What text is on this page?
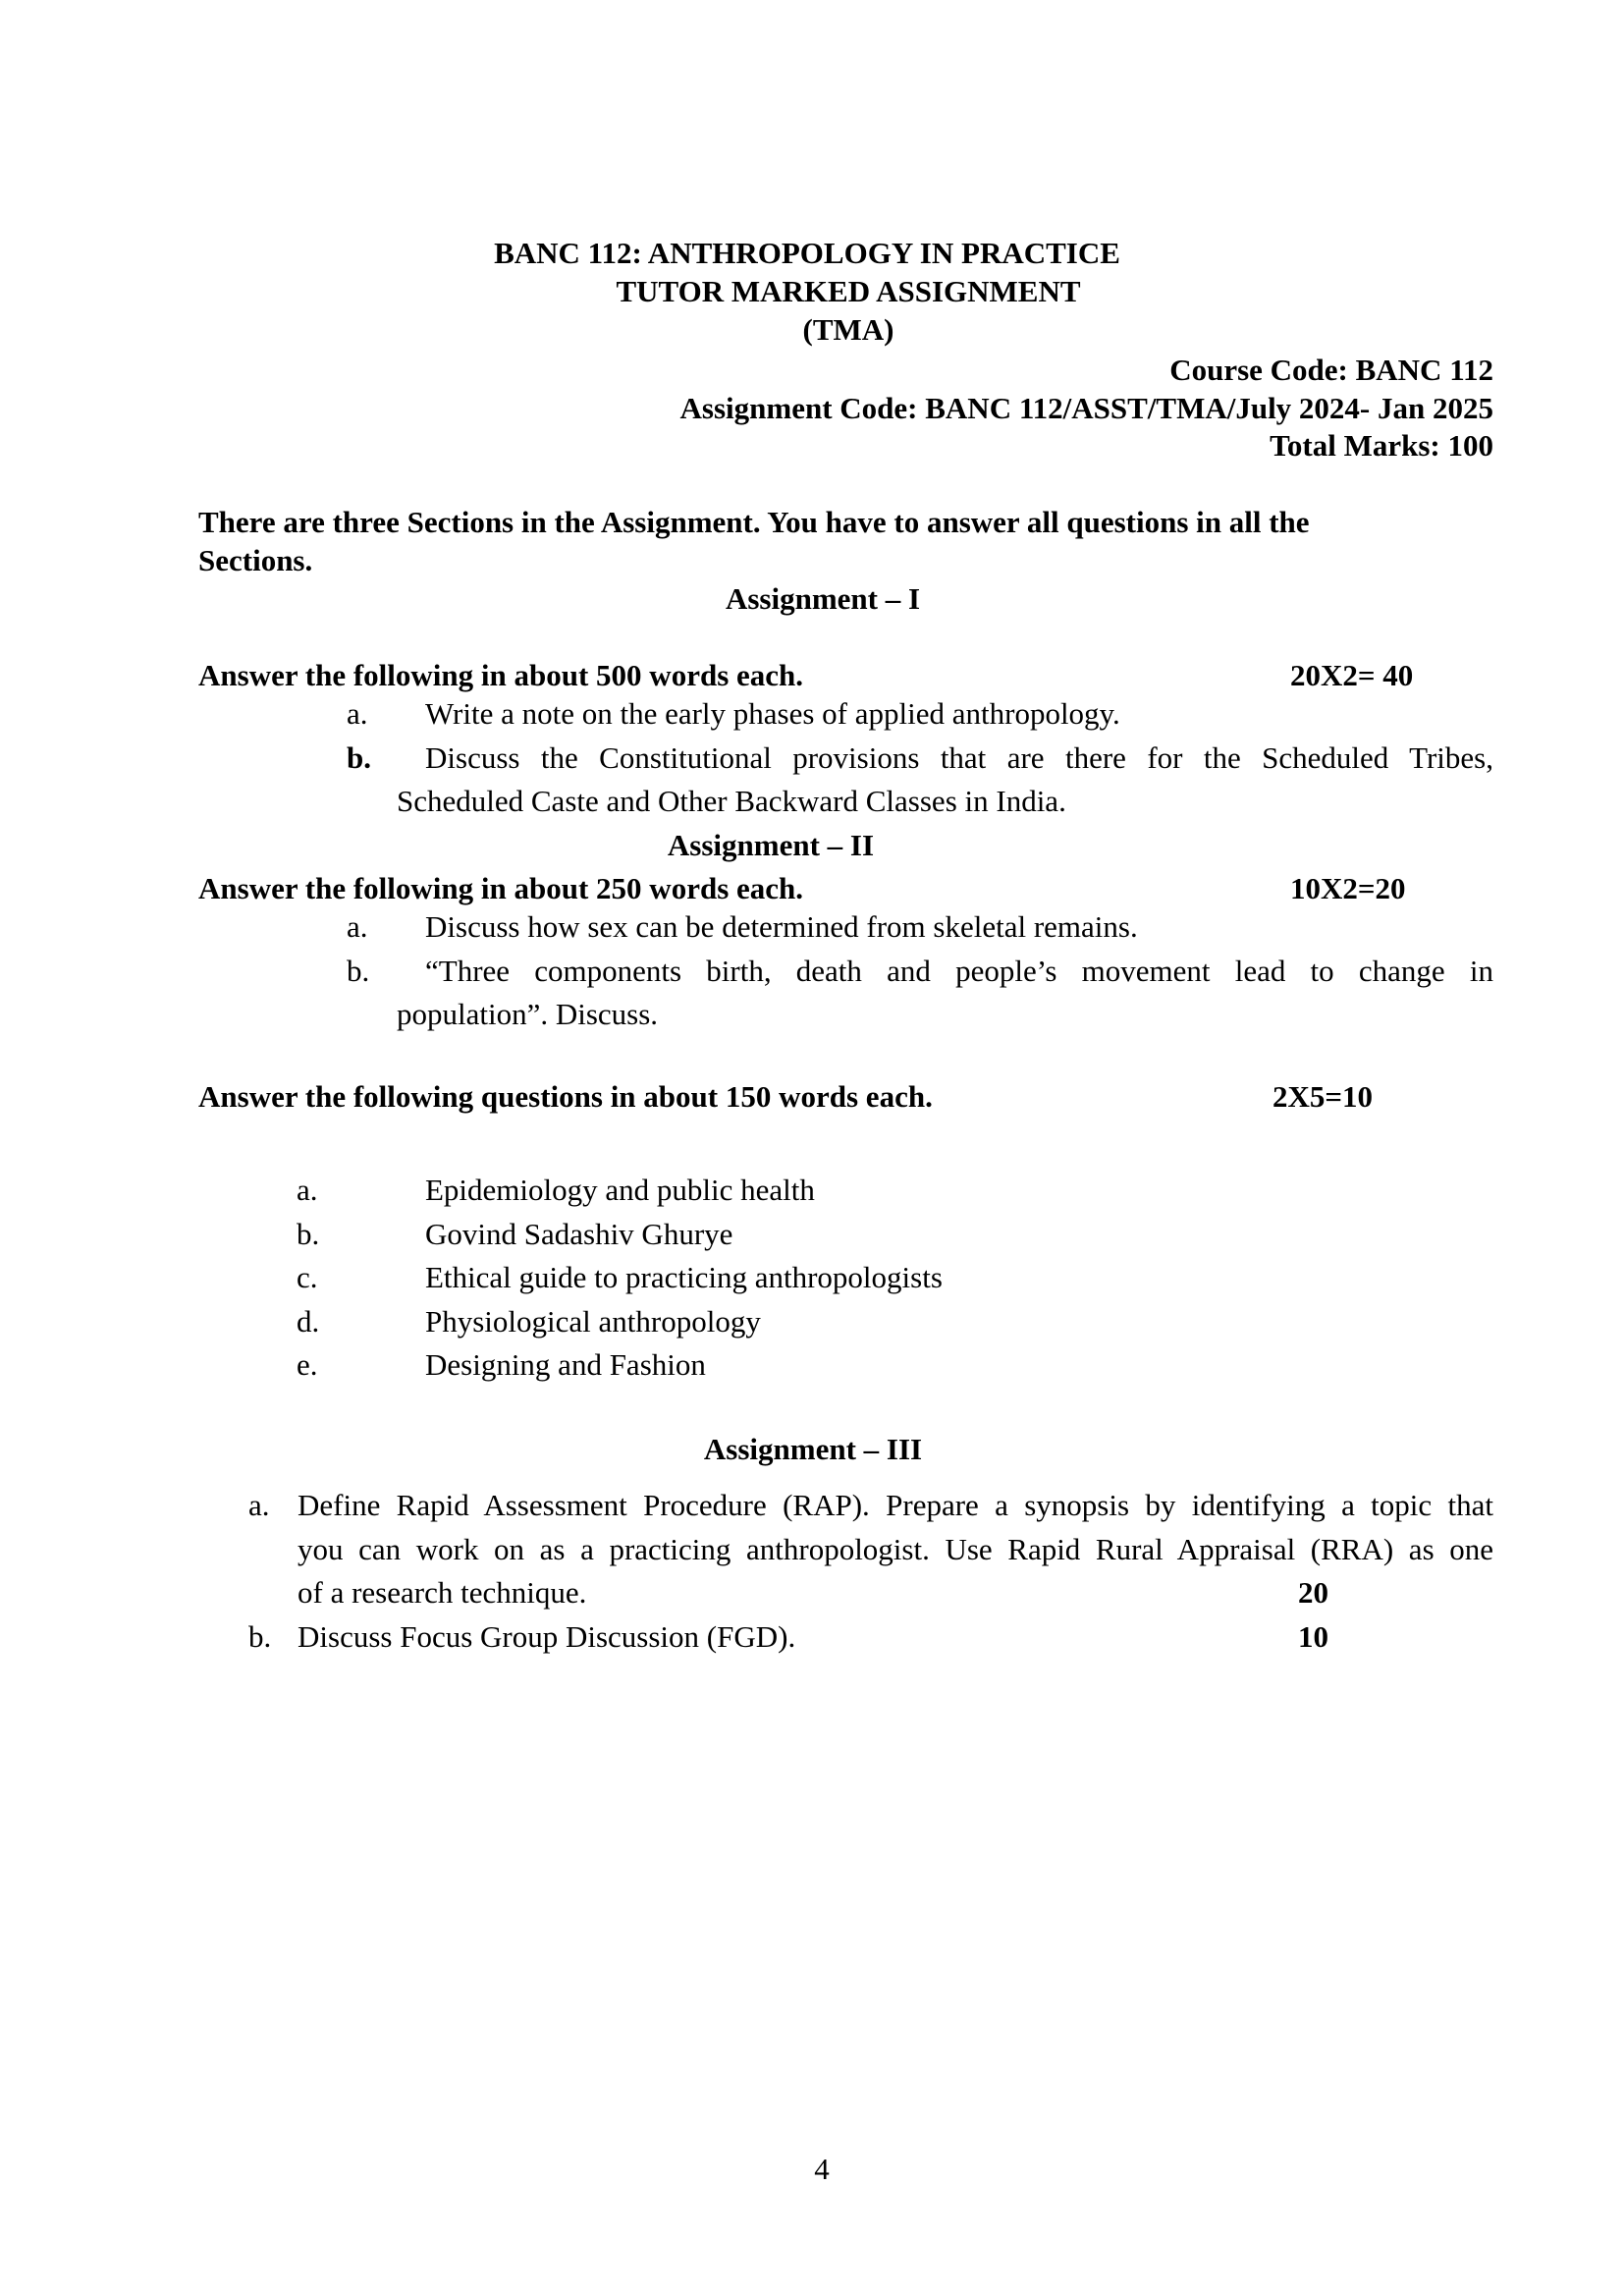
BANC 112: ANTHROPOLOGY IN PRACTICE
TUTOR MARKED ASSIGNMENT
(TMA)
Course Code: BANC 112
Assignment Code: BANC 112/ASST/TMA/July 2024- Jan 2025
Total Marks: 100
There are three Sections in the Assignment. You have to answer all questions in all the
Sections.
Assignment – I
Answer the following in about 500 words each.	20X2= 40
a. Write a note on the early phases of applied anthropology.
b. Discuss the Constitutional provisions that are there for the Scheduled Tribes,
Scheduled Caste and Other Backward Classes in India.
Assignment – II
Answer the following in about 250 words each.	10X2=20
a. Discuss how sex can be determined from skeletal remains.
b. “Three components birth, death and people’s movement lead to change in
population”. Discuss.
Answer the following questions in about 150 words each.	2X5=10
a.	Epidemiology and public health
b.	Govind Sadashiv Ghurye
c.	Ethical guide to practicing anthropologists
d.	Physiological anthropology
e.	Designing and Fashion
Assignment – III
a. Define Rapid Assessment Procedure (RAP). Prepare a synopsis by identifying a topic that
you can work on as a practicing anthropologist. Use Rapid Rural Appraisal (RRA) as one
of a research technique.	20
b. Discuss Focus Group Discussion (FGD).	10
4
